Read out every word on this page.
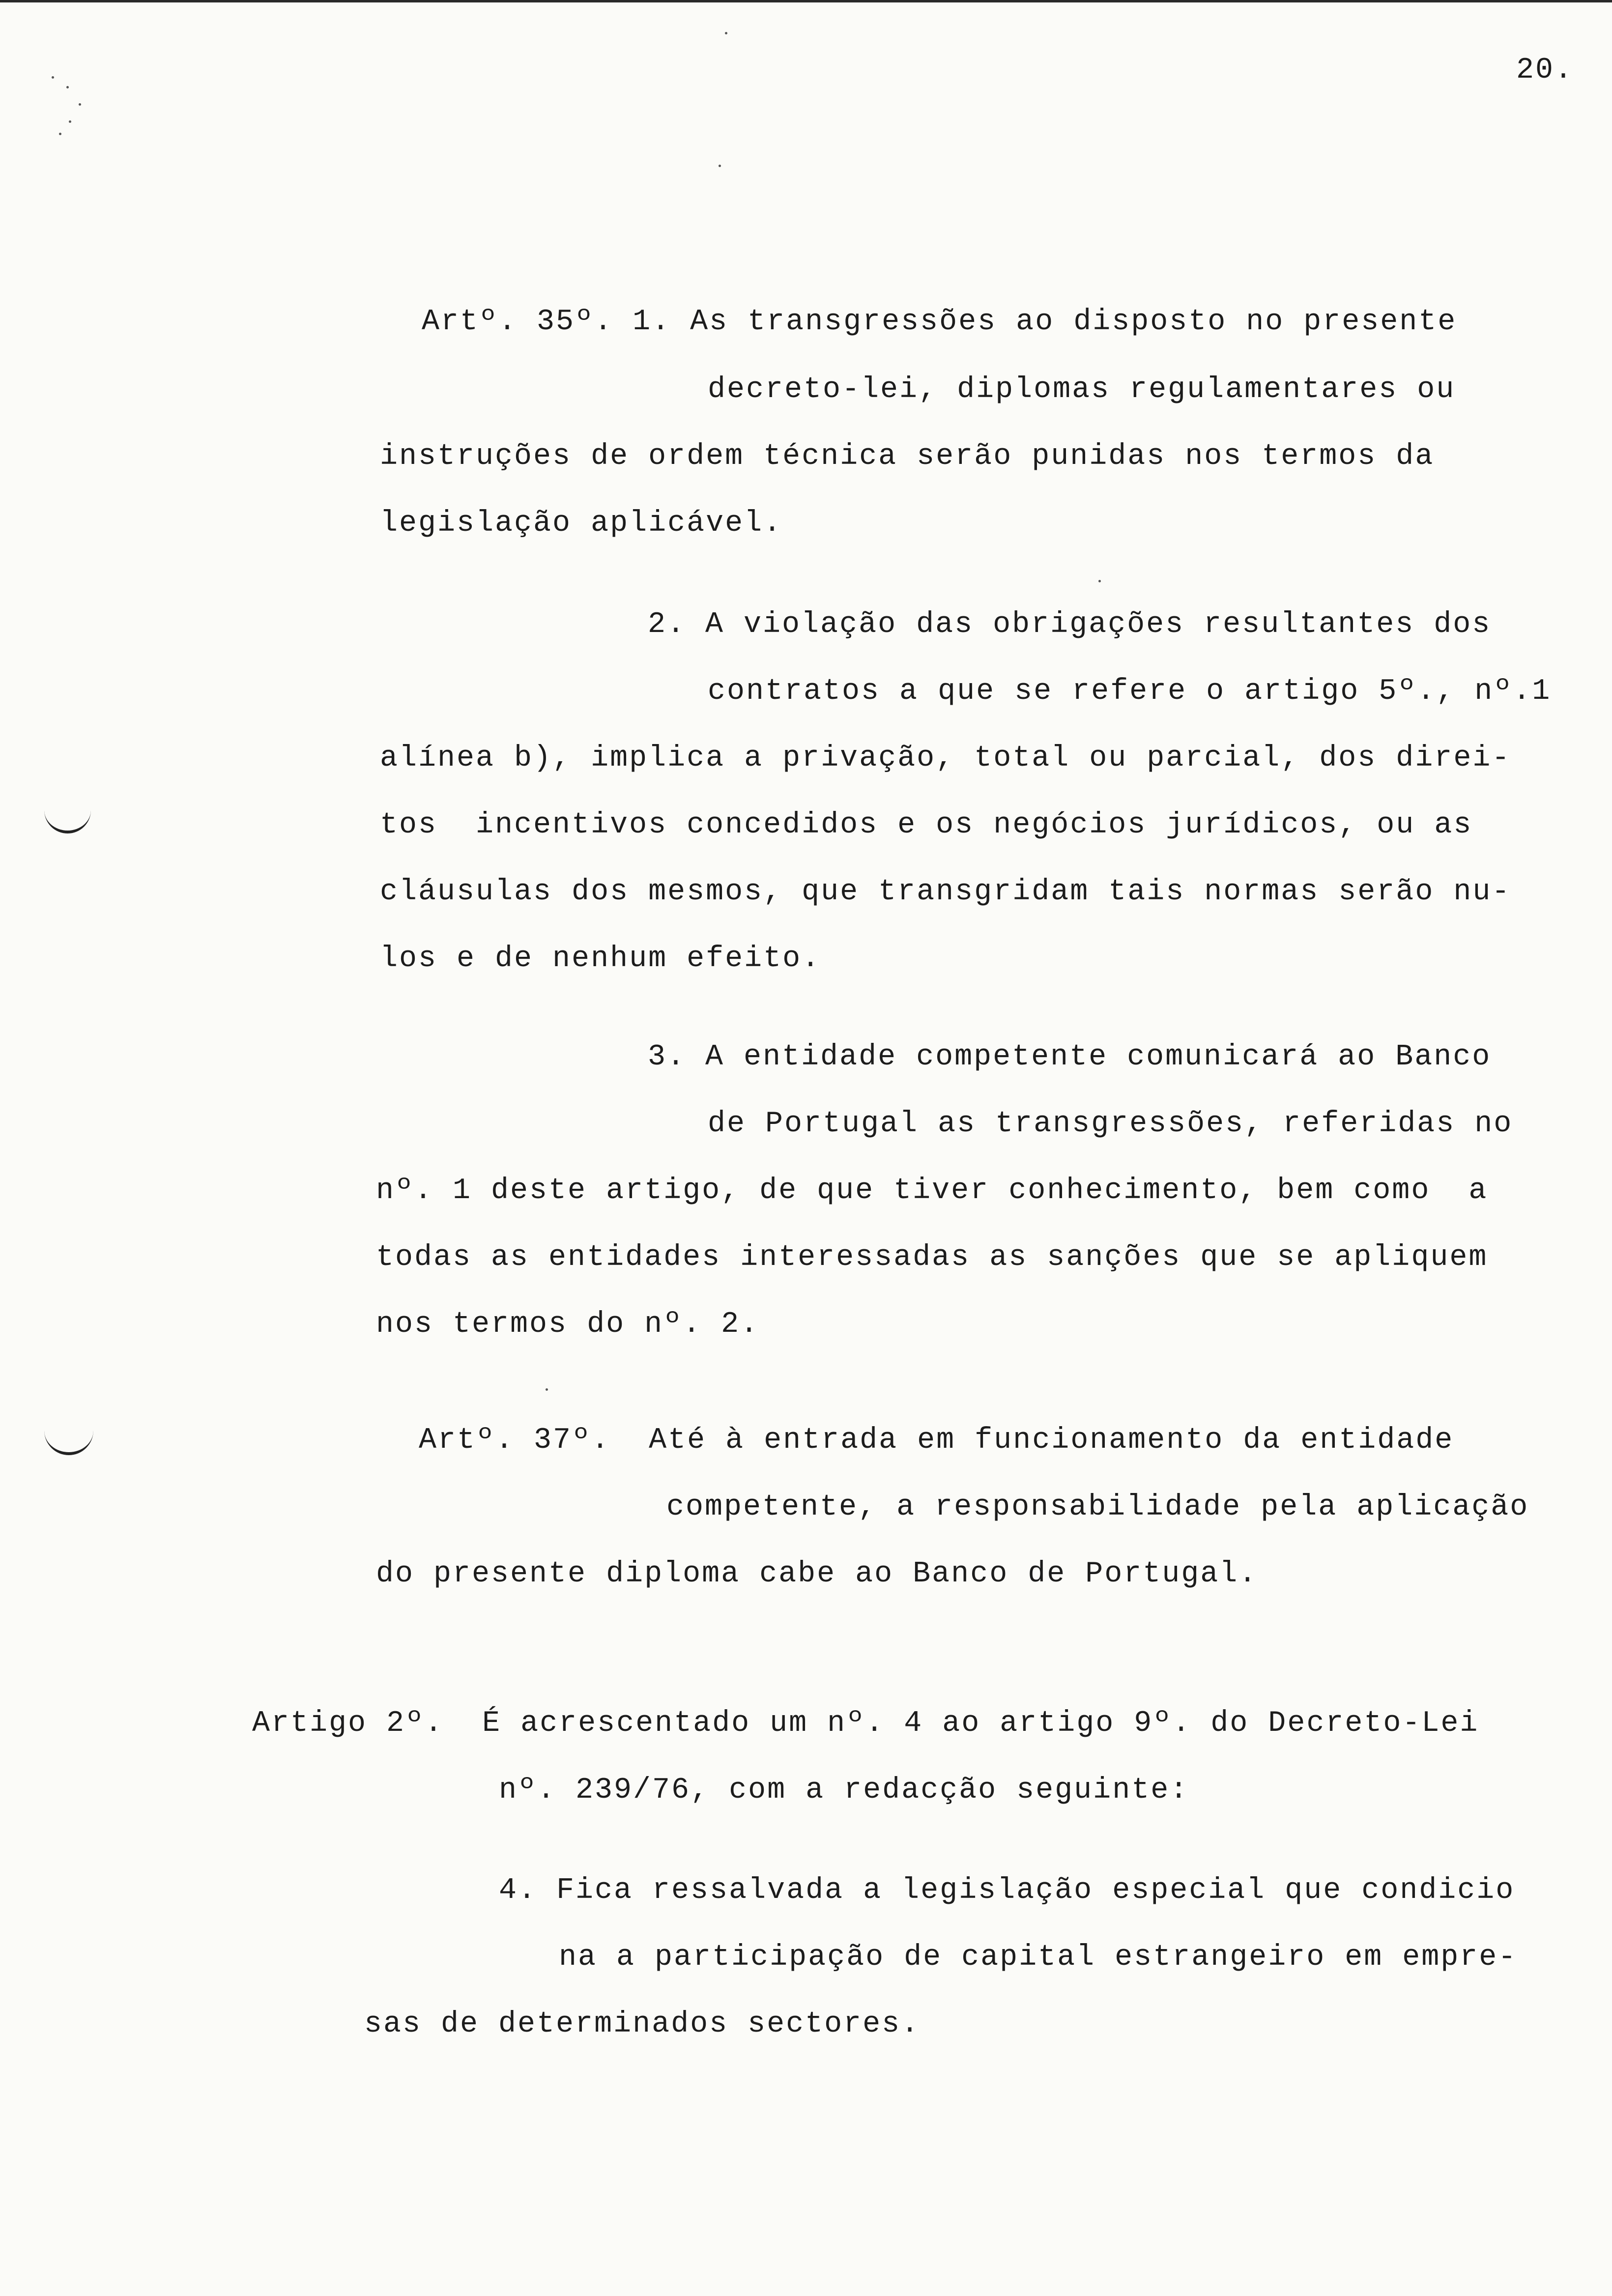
20.
Artº. 35º. 1. As transgressões ao disposto no presente
decreto-lei, diplomas regulamentares ou
instruções de ordem técnica serão punidas nos termos da
legislação aplicável.
2. A violação das obrigações resultantes dos
contratos a que se refere o artigo 5º., nº.1
alínea b), implica a privação, total ou parcial, dos direi-
tos  incentivos concedidos e os negócios jurídicos, ou as
cláusulas dos mesmos, que transgridam tais normas serão nu-
los e de nenhum efeito.
3. A entidade competente comunicará ao Banco
de Portugal as transgressões, referidas no
nº. 1 deste artigo, de que tiver conhecimento, bem como  a
todas as entidades interessadas as sanções que se apliquem
nos termos do nº. 2.
Artº. 37º.  Até à entrada em funcionamento da entidade
competente, a responsabilidade pela aplicação
do presente diploma cabe ao Banco de Portugal.
Artigo 2º.  É acrescentado um nº. 4 ao artigo 9º. do Decreto-Lei
nº. 239/76, com a redacção seguinte:
4. Fica ressalvada a legislação especial que condicio
na a participação de capital estrangeiro em empre-
sas de determinados sectores.
